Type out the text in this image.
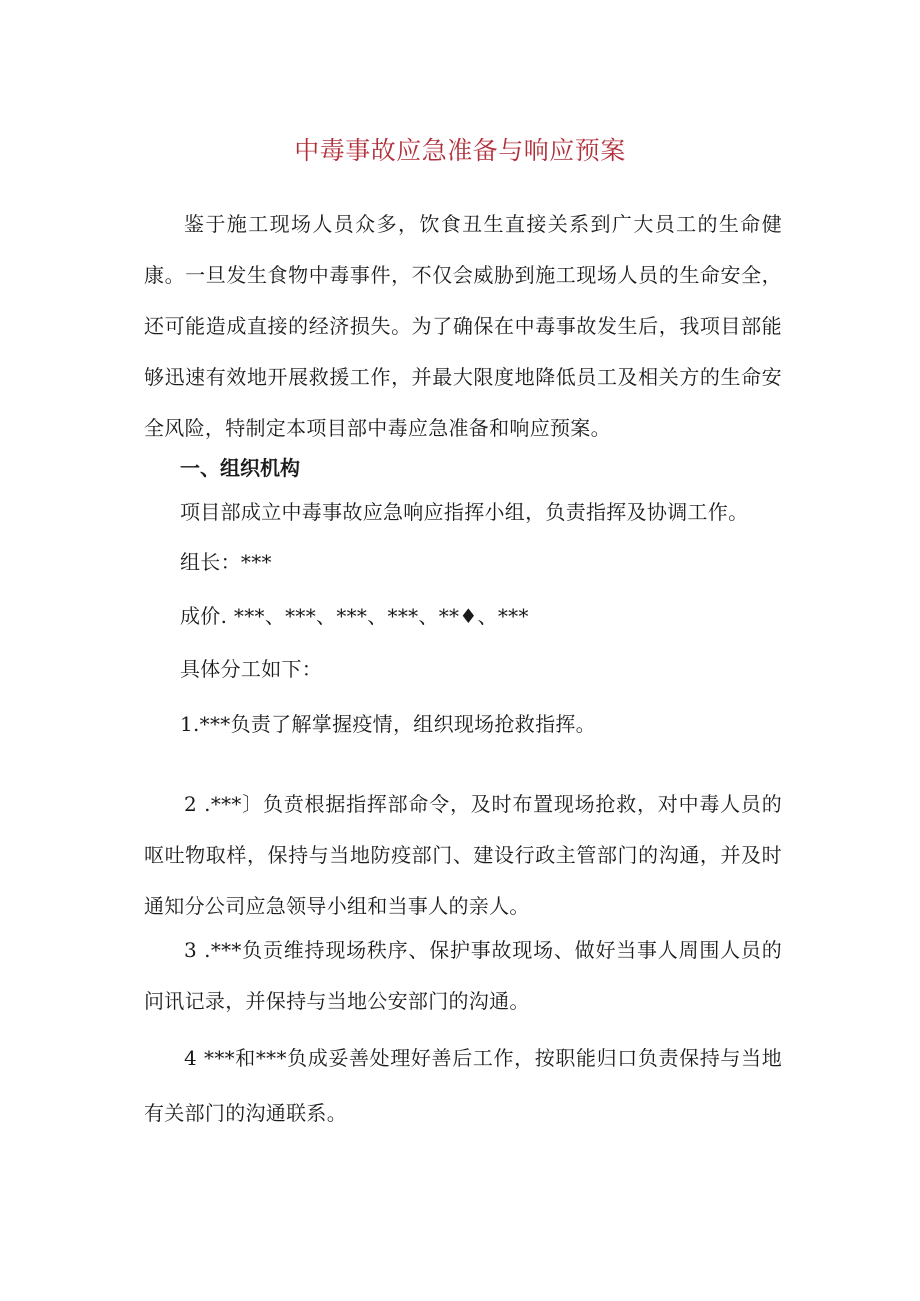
中毒事故应急准备与响应预案
鉴于施工现场人员众多，饮食丑生直接关系到广大员工的生命健康。一旦发生食物中毒事件，不仅会威胁到施工现场人员的生命安全，还可能造成直接的经济损失。为了确保在中毒事故发生后，我项目部能够迅速有效地开展救援工作，并最大限度地降低员工及相关方的生命安全风险，特制定本项目部中毒应急准备和响应预案。
一、组织机构
项目部成立中毒事故应急响应指挥小组，负责指挥及协调工作。
组长：***
成价. ***、***、***、***、**♦、***
具体分工如下：
1.***负责了解掌握疫情，组织现场抢救指挥。
2 .***〕负贲根据指挥部命令，及时布置现场抢救，对中毒人员的呕吐物取样，保持与当地防疫部门、建设行政主管部门的沟通，并及时通知分公司应急领导小组和当事人的亲人。
3 .***负贡维持现场秩序、保护事故现场、做好当事人周围人员的问讯记录，并保持与当地公安部门的沟通。
4 ***和***负成妥善处理好善后工作，按职能归口负责保持与当地有关部门的沟通联系。
